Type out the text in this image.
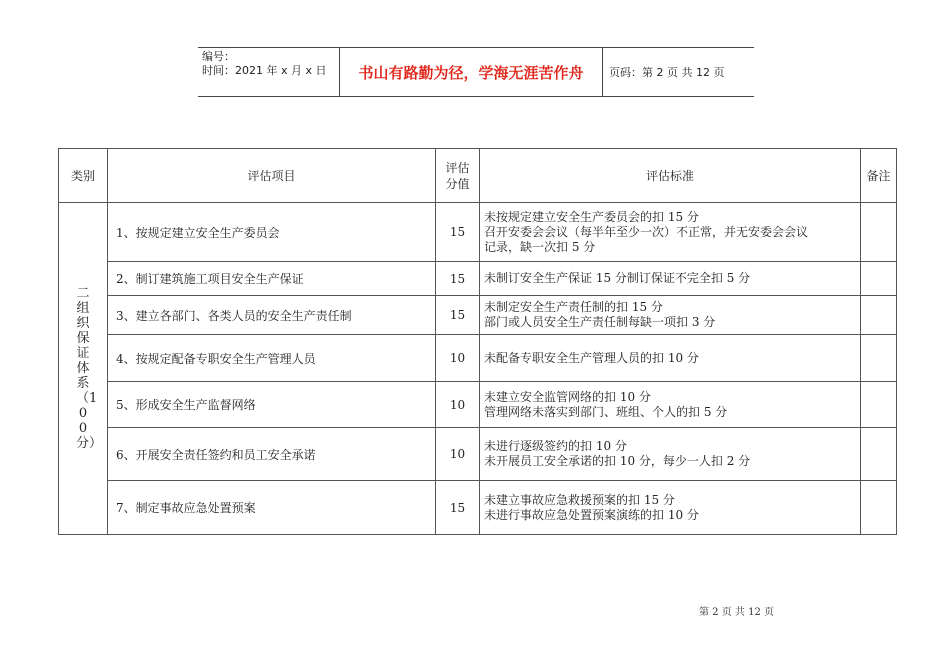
编号：
时间：2021 年 x 月 x 日	书山有路勤为径，学海无涯苦作舟	页码：第 2 页 共 12 页
类别	评估项目	评估分值	评估标准	备注
二组织保证体系（100分）	1、按规定建立安全生产委员会	15	未按规定建立安全生产委员会的扣 15 分
召开安委会会议（每半年至少一次）不正常，并无安委会会议
记录，缺一次扣 5 分	

	2、制订建筑施工项目安全生产保证	15	未制订安全生产保证 15 分制订保证不完全扣 5 分	

	3、建立各部门、各类人员的安全生产责任制	15	未制定安全生产责任制的扣 15 分
部门或人员安全生产责任制每缺一项扣 3 分	

	4、按规定配备专职安全生产管理人员	10	未配备专职安全生产管理人员的扣 10 分	

	5、形成安全生产监督网络	10	未建立安全监管网络的扣 10 分
管理网络未落实到部门、班组、个人的扣 5 分	

	6、开展安全责任签约和员工安全承诺	10	未进行逐级签约的扣 10 分
未开展员工安全承诺的扣 10 分，每少一人扣 2 分	

	7、制定事故应急处置预案	15	未建立事故应急救援预案的扣 15 分
未进行事故应急处置预案演练的扣 10 分	

第 2 页 共 12 页
